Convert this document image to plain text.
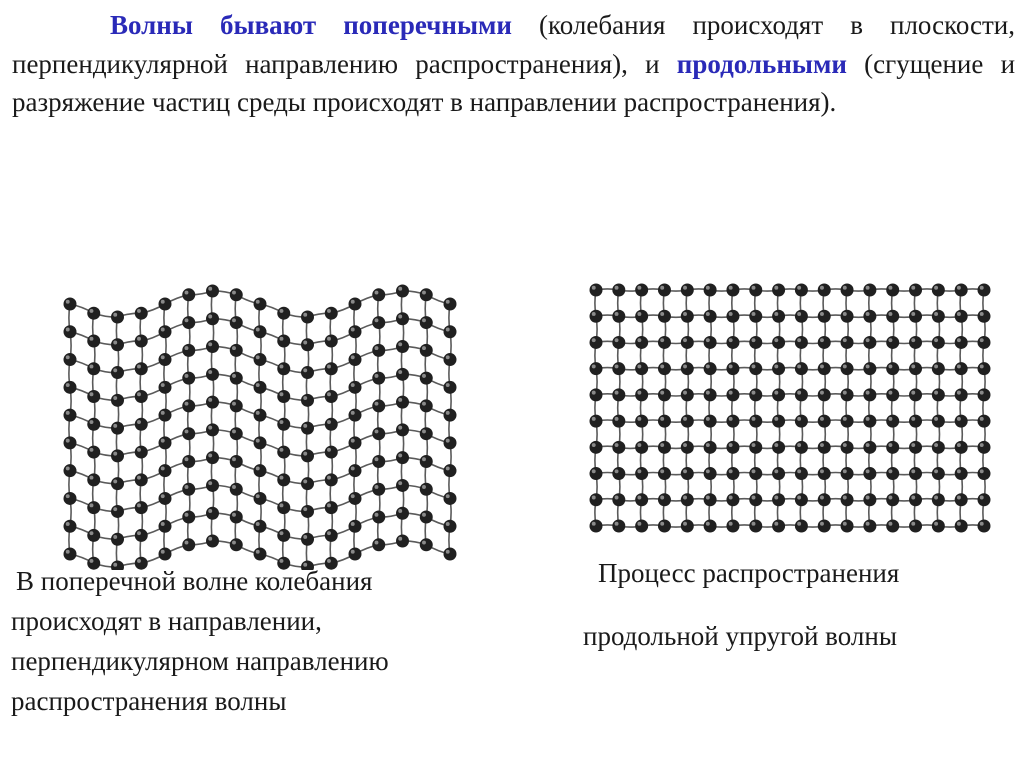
Волны бывают поперечными (колебания происходят в плоскости, перпендикулярной направлению распространения), и продольными (сгущение и разряжение частиц среды происходят в направлении распространения).

В поперечной волне колебания
происходят в направлении,
перпендикулярном направлению
распространения волны
Процесс распространения
продольной упругой волны
